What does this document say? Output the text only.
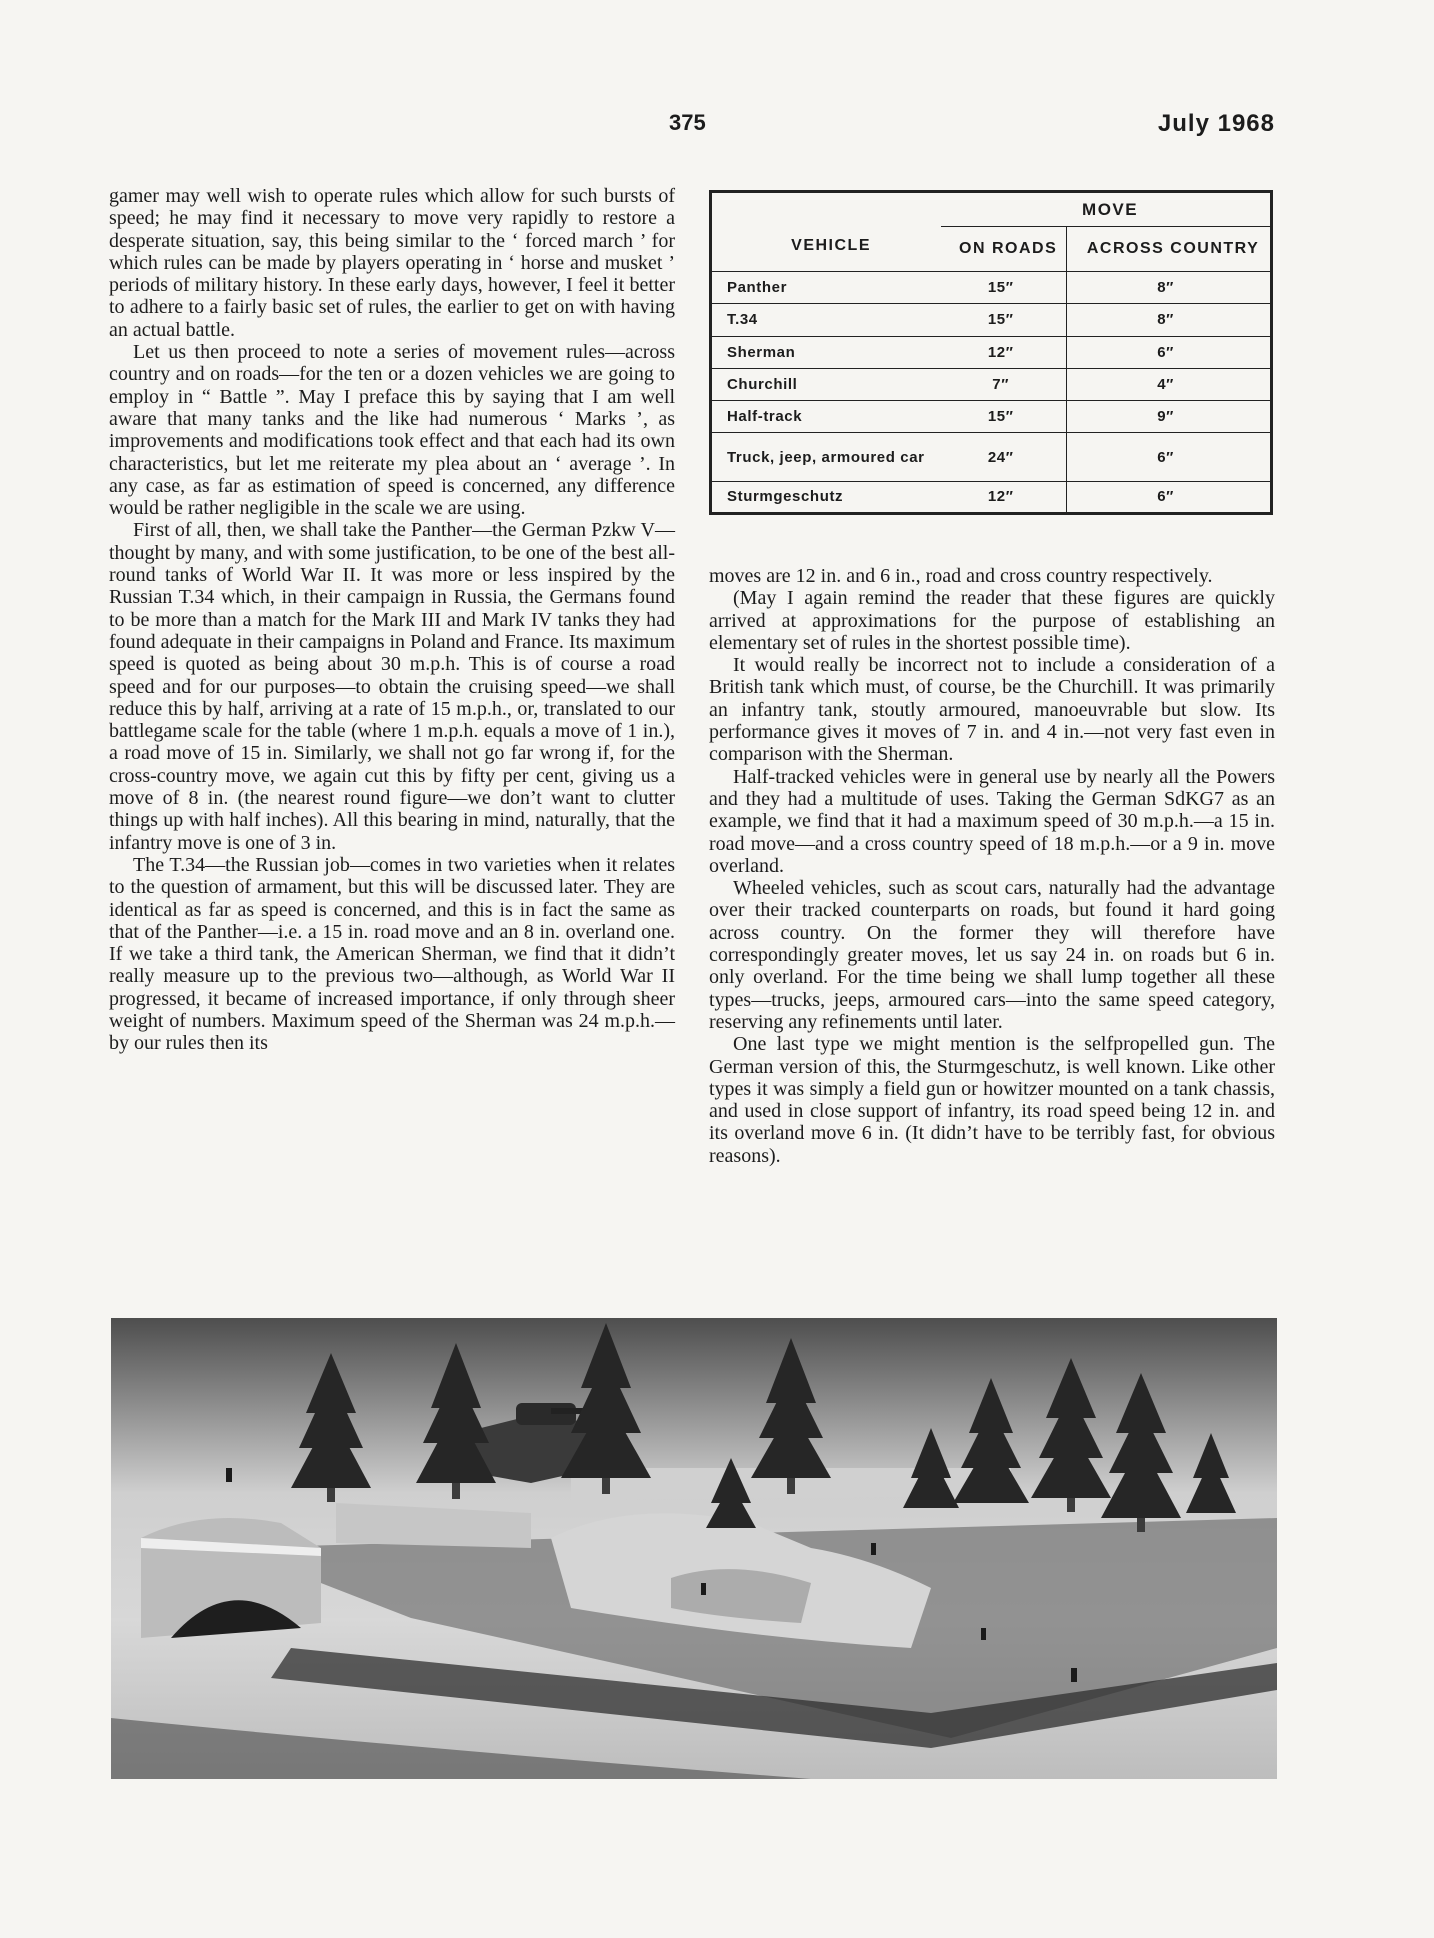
375	July 1968

gamer may well wish to operate rules which allow for such bursts of speed; he may find it necessary to move very rapidly to restore a desperate situation, say, this being similar to the ‘ forced march ’ for which rules can be made by players operating in ‘ horse and musket ’ periods of military history. In these early days, however, I feel it better to adhere to a fairly basic set of rules, the earlier to get on with having an actual battle.

Let us then proceed to note a series of movement rules—across country and on roads—for the ten or a dozen vehicles we are going to employ in “ Battle ”. May I preface this by saying that I am well aware that many tanks and the like had numerous ‘ Marks ’, as improvements and modifications took effect and that each had its own characteristics, but let me reiterate my plea about an ‘ average ’. In any case, as far as estimation of speed is concerned, any difference would be rather negligible in the scale we are using.

First of all, then, we shall take the Panther—the German Pzkw V—thought by many, and with some justification, to be one of the best all-round tanks of World War II. It was more or less inspired by the Russian T.34 which, in their campaign in Russia, the Germans found to be more than a match for the Mark III and Mark IV tanks they had found adequate in their campaigns in Poland and France. Its maximum speed is quoted as being about 30 m.p.h. This is of course a road speed and for our purposes—to obtain the cruising speed—we shall reduce this by half, arriving at a rate of 15 m.p.h., or, translated to our battlegame scale for the table (where 1 m.p.h. equals a move of 1 in.), a road move of 15 in. Similarly, we shall not go far wrong if, for the cross-country move, we again cut this by fifty per cent, giving us a move of 8 in. (the nearest round figure—we don’t want to clutter things up with half inches). All this bearing in mind, naturally, that the infantry move is one of 3 in.

The T.34—the Russian job—comes in two varieties when it relates to the question of armament, but this will be discussed later. They are identical as far as speed is concerned, and this is in fact the same as that of the Panther—i.e. a 15 in. road move and an 8 in. overland one. If we take a third tank, the American Sherman, we find that it didn’t really measure up to the previous two—although, as World War II progressed, it became of increased importance, if only through sheer weight of numbers. Maximum speed of the Sherman was 24 m.p.h.—by our rules then its

VEHICLE	MOVE	
	ON ROADS	ACROSS COUNTRY
Panther	15″	8″
T.34	15″	8″
Sherman	12″	6″
Churchill	7″	4″
Half-track	15″	9″
Truck, jeep, armoured car	24″	6″
Sturmgeschutz	12″	6″

moves are 12 in. and 6 in., road and cross country respectively.

(May I again remind the reader that these figures are quickly arrived at approximations for the purpose of establishing an elementary set of rules in the shortest possible time).

It would really be incorrect not to include a consideration of a British tank which must, of course, be the Churchill. It was primarily an infantry tank, stoutly armoured, manoeuvrable but slow. Its performance gives it moves of 7 in. and 4 in.—not very fast even in comparison with the Sherman.

Half-tracked vehicles were in general use by nearly all the Powers and they had a multitude of uses. Taking the German SdKG7 as an example, we find that it had a maximum speed of 30 m.p.h.—a 15 in. road move—and a cross country speed of 18 m.p.h.—or a 9 in. move overland.

Wheeled vehicles, such as scout cars, naturally had the advantage over their tracked counterparts on roads, but found it hard going across country. On the former they will therefore have correspondingly greater moves, let us say 24 in. on roads but 6 in. only overland. For the time being we shall lump together all these types—trucks, jeeps, armoured cars—into the same speed category, reserving any refinements until later.

One last type we might mention is the selfpropelled gun. The German version of this, the Sturmgeschutz, is well known. Like other types it was simply a field gun or howitzer mounted on a tank chassis, and used in close support of infantry, its road speed being 12 in. and its overland move 6 in. (It didn’t have to be terribly fast, for obvious reasons).
